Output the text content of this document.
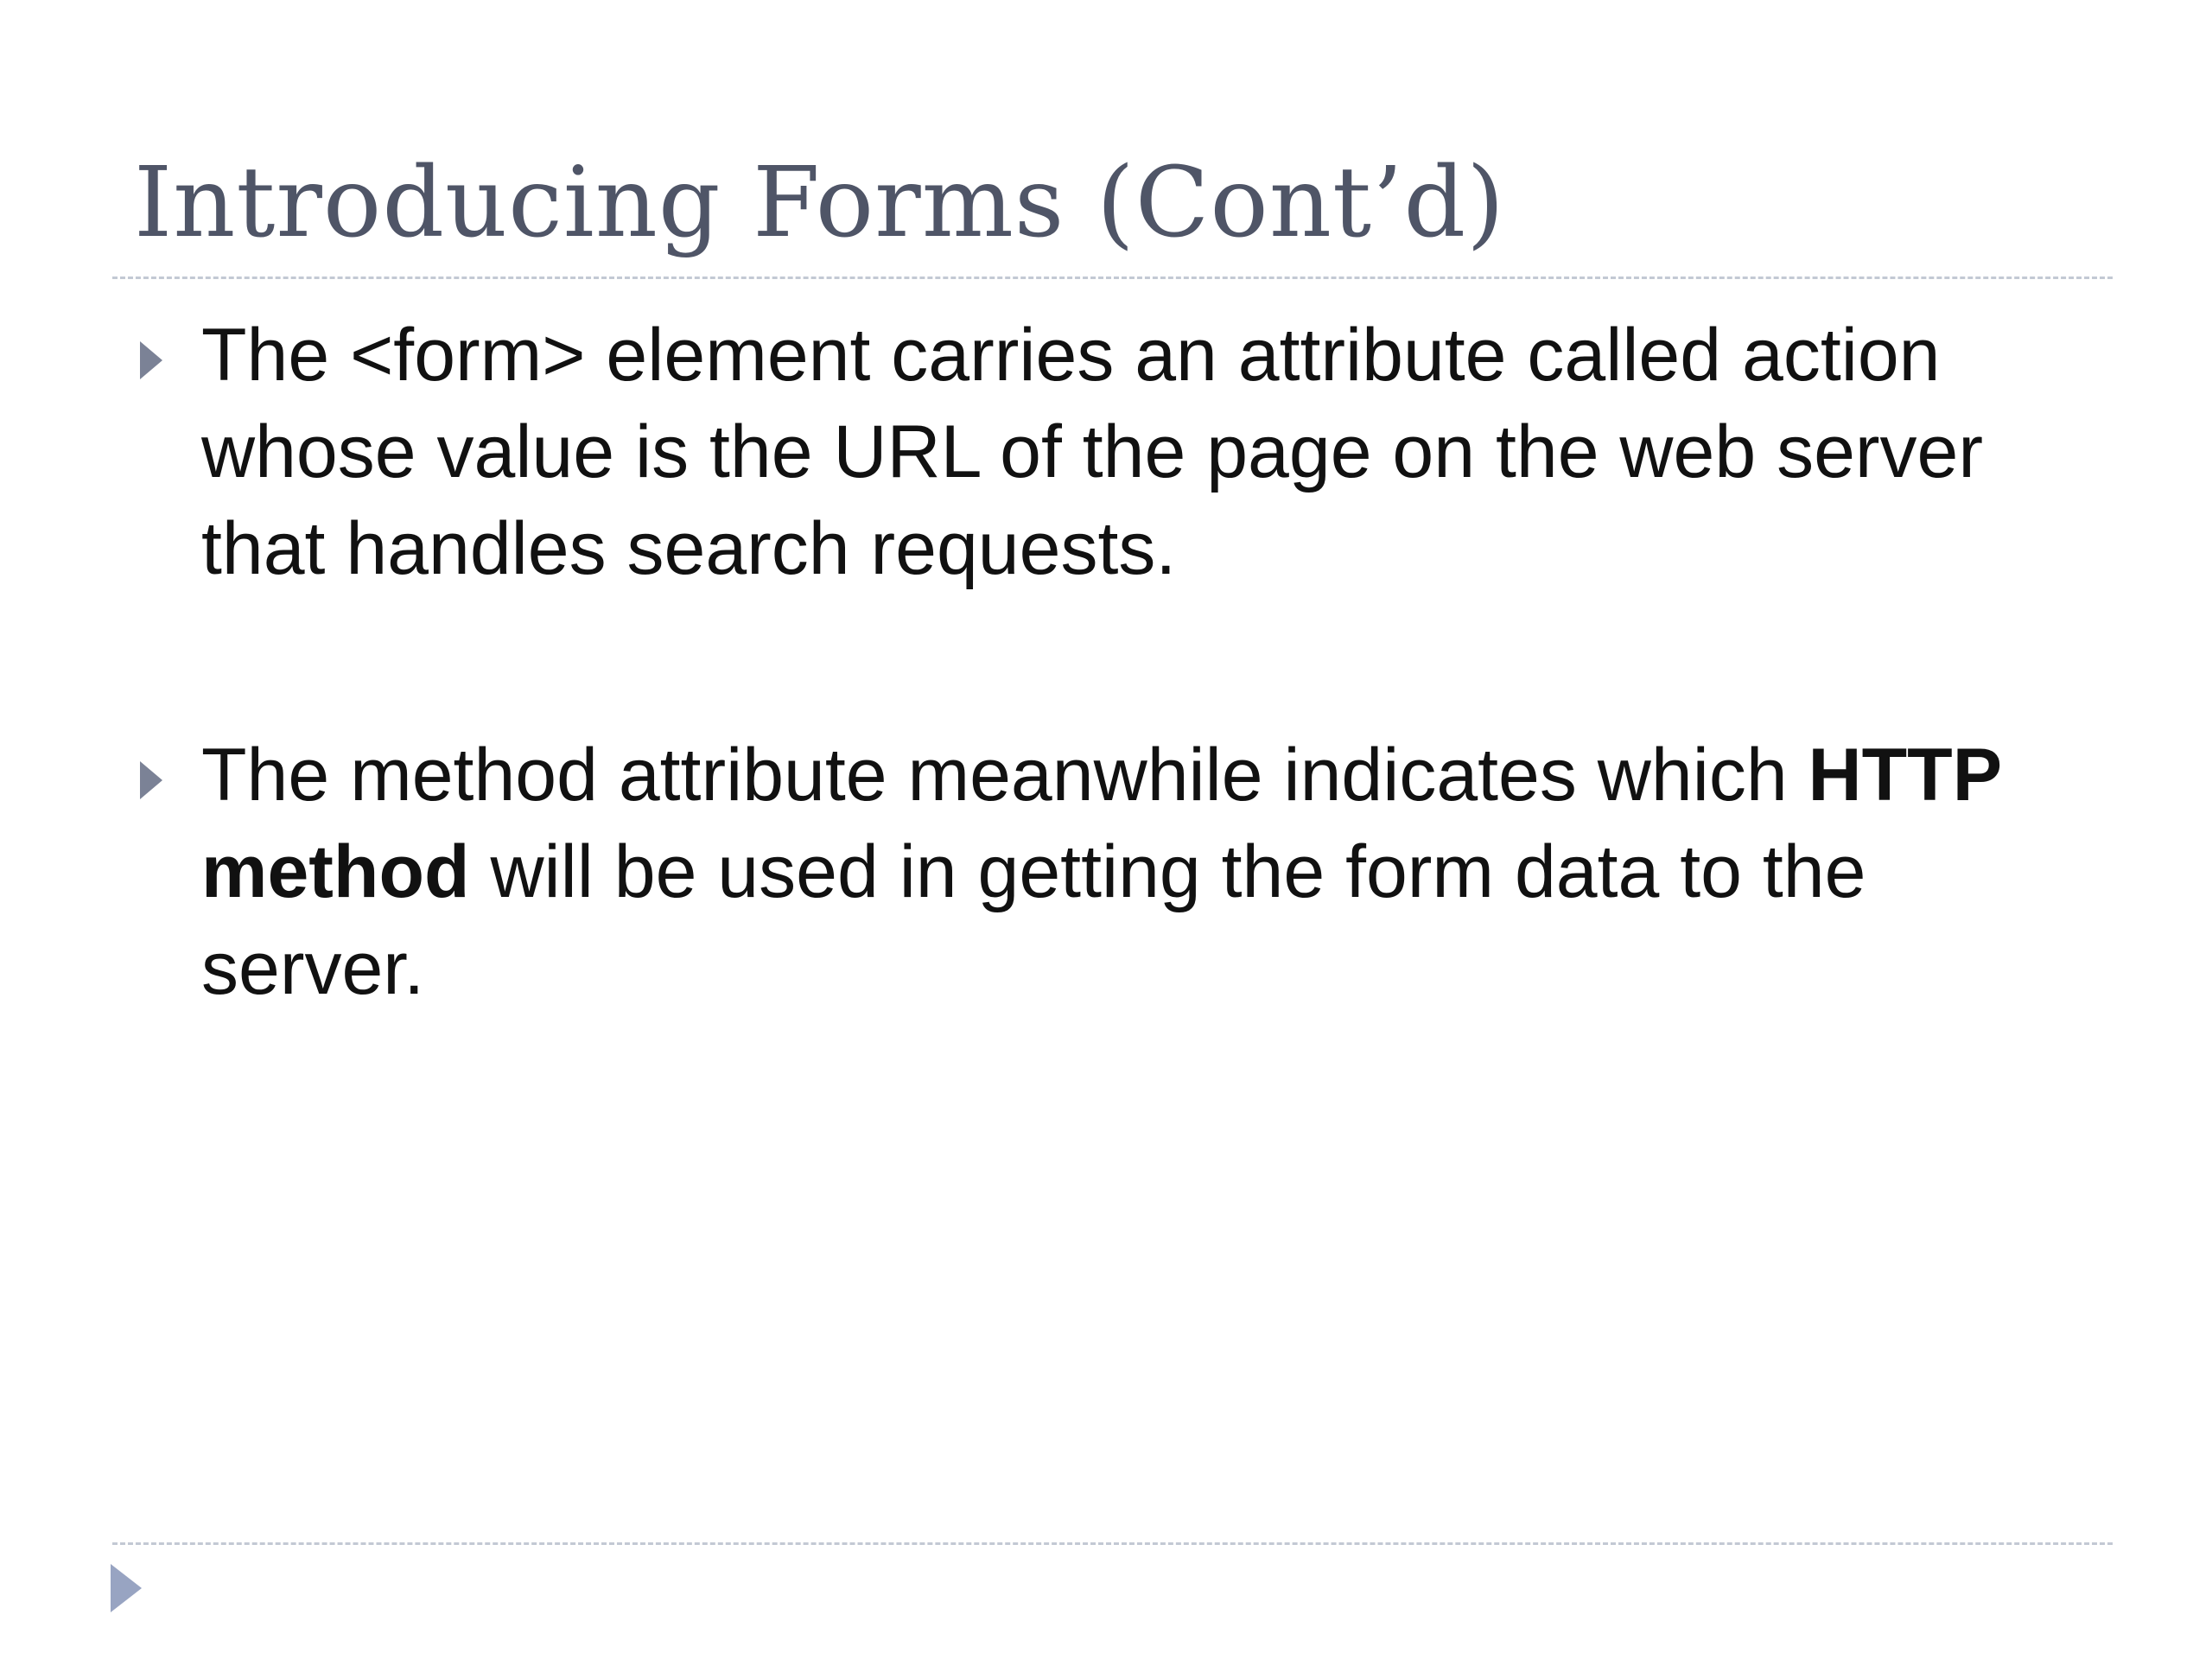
Introducing Forms (Cont’d)
The <form> element carries an attribute called action whose value is the URL of the page on the web server that handles search requests.
The method attribute meanwhile indicates which HTTP method will be used in getting the form data to the server.
